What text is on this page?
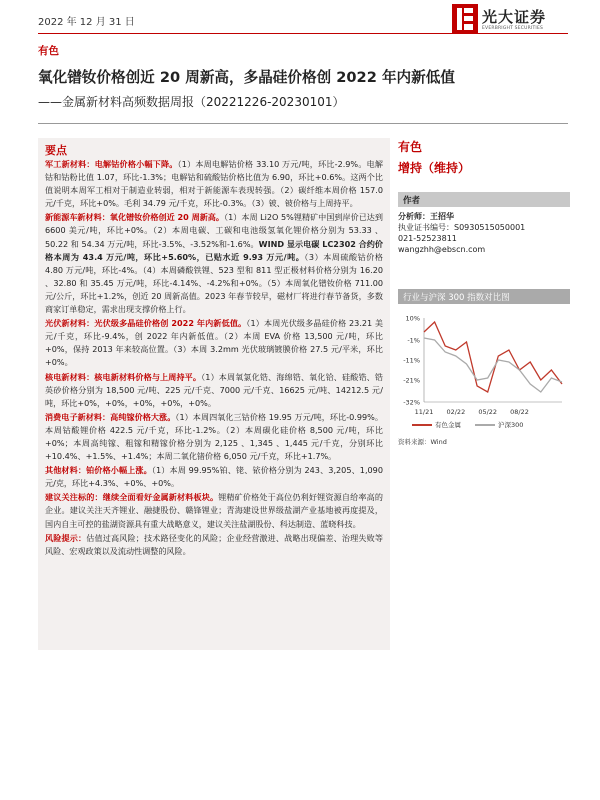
2022 年 12 月 31 日	光大证券
EVERBRIGHT SECURITIES
有色
氧化镨钕价格创近 20 周新高，多晶硅价格创 2022 年内新低值
——金属新材料高频数据周报（20221226-20230101）
要点
军工新材料：电解钴价格小幅下降。（1）本周电解钴价格 33.10 万元/吨，环比-2.9%。电解钴和钴粉比值 1.07，环比-1.3%；电解钴和硫酸钴价格比值为 6.90，环比+0.6%。这两个比值说明本周军工相对于制造业转弱，相对于新能源车表现转强。（2）碳纤维本周价格 157.0 元/千克，环比+0%。毛利 34.79 元/千克，环比-0.3%。（3）铍、铍价格与上周持平。
新能源车新材料：氧化镨钕价格创近 20 周新高。（1）本周 Li2O 5%锂精矿中国到岸价已达到 6600 美元/吨，环比+0%。（2）本周电碳、工碳和电池级氢氧化锂价格分别为 53.33 、50.22 和 54.34 万元/吨，环比-3.5%、-3.52%和-1.6%。WIND 显示电碳 LC2302 合约价格本周为 43.4 万元/吨，环比+5.60%，已贴水近 9.93 万元/吨。（3）本周硫酸钴价格 4.80 万元/吨，环比-4%。（4）本周磷酸铁锂、523 型和 811 型正极材料价格分别为 16.20 、32.80 和 35.45 万元/吨，环比-4.14%、-4.2%和+0%。（5）本周氧化镨钕价格 711.00 元/公斤，环比+1.2%，创近 20 周新高值。2023 年春节较早，磁材厂将进行春节备货，多数商家订单稳定，需求出现支撑价格上行。
光伏新材料：光伏级多晶硅价格创 2022 年内新低值。（1）本周光伏级多晶硅价格 23.21 美元/千克，环比-9.4%，创 2022 年内新低值。（2）本周 EVA 价格 13,500 元/吨，环比+0%，保持 2013 年来较高位置。（3）本周 3.2mm 光伏玻璃镀膜价格 27.5 元/平米，环比+0%。
核电新材料：核电新材料价格与上周持平。（1）本周氧氯化锆、海绵锆、氧化铪、硅酸锆、锆英砂价格分别为 18,500 元/吨、225 元/千克、7000 元/千克、16625 元/吨、14212.5 元/吨，环比+0%，+0%，+0%，+0%，+0%。
消费电子新材料：高纯镓价格大涨。（1）本周四氧化三钴价格 19.95 万元/吨，环比-0.99%。本周钴酸锂价格 422.5 元/千克，环比-1.2%。（2）本周碳化硅价格 8,500 元/吨，环比+0%；本周高纯镓、粗镓和精镓价格分别为 2,125 、1,345 、1,445 元/千克，分别环比+10.4%、+1.5%、+1.4%；本周二氧化锗价格 6,050 元/千克，环比+1.7%。
其他材料：铂价格小幅上涨。（1）本周 99.95%铂、铑、铱价格分别为 243、3,205、1,090 元/克，环比+4.3%、+0%、+0%。
建议关注标的：继续全面看好金属新材料板块。锂精矿价格处于高位仍利好锂资源自给率高的企业。建议关注天齐锂业、融捷股份、赣锋锂业；青海建设世界级盐湖产业基地被再度提及，国内自主可控的盐湖资源具有重大战略意义，建议关注盐湖股份、科达制造、蓝晓科技。
风险提示：估值过高风险；技术路径变化的风险；企业经营激进、战略出现偏差、治理失败等风险、宏观政策以及流动性调整的风险。
有色
增持（维持）
作者
分析师：王招华
执业证书编号：S0930515050001
021-52523811
wangzhh@ebscn.com
行业与沪深 300 指数对比图
10%
-1%
-11%
-21%
-32%
11/21 02/22 05/22 08/22
有色金属	沪深300
资料来源：Wind
